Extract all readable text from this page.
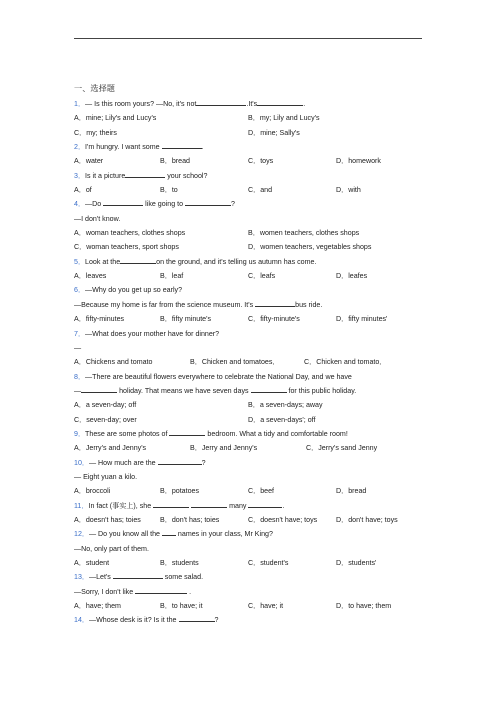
一、选择题
1．— Is this room yours? —No, it's not	.It's	.
A．mine; Lily's and Lucy's	B．my; Lily and Lucy's
C．my; theirs	D．mine; Sally's
2．I'm hungry. I want some	.
A．water	B．bread	C．toys	D．homework
3．Is it a picture	your school?
A．of	B．to	C．and	D．with
4．—Do	like going to	?
—I don't know.
A．woman teachers, clothes shops	B．women teachers, clothes shops
C．woman teachers, sport shops	D．women teachers, vegetables shops
5．Look at the	on the ground, and it's telling us autumn has come.
A．leaves	B．leaf	C．leafs	D．leafes
6．—Why do you get up so early?
—Because my home is far from the science museum. It's	bus ride.
A．fifty-minutes	B．fifty minute's	C．fifty-minute's	D．fifty minutes'
7．—What does your mother have for dinner?
—
A．Chickens and tomato	B．Chicken and tomatoes．	C．Chicken and tomato．
8．—There are beautiful flowers everywhere to celebrate the National Day, and we have
—	holiday. That means we have seven days	for this public holiday.
A．a seven-day; off	B．a seven-days; away
C．seven-day; over	D．a seven-days'; off
9．These are some photos of	bedroom. What a tidy and comfortable room!
A．Jerry's and Jenny's	B．Jerry and Jenny's	C．Jerry's sand Jenny
10．— How much are the	?
— Eight yuan a kilo.
A．broccoli	B．potatoes	C．beef	D．bread
11．In fact (事实上), she	many	.
A．doesn't has; toies	B．don't has; toies	C．doesn't have; toys	D．don't have; toys
12．— Do you know all the  names in your class, Mr King?
—No, only part of them.
A．student	B．students	C．student's	D．students'
13．—Let's	some salad.
—Sorry, I don't like	.
A．have; them	B．to have; it	C．have; it	D．to have; them
14．—Whose desk is it? Is it the	?
